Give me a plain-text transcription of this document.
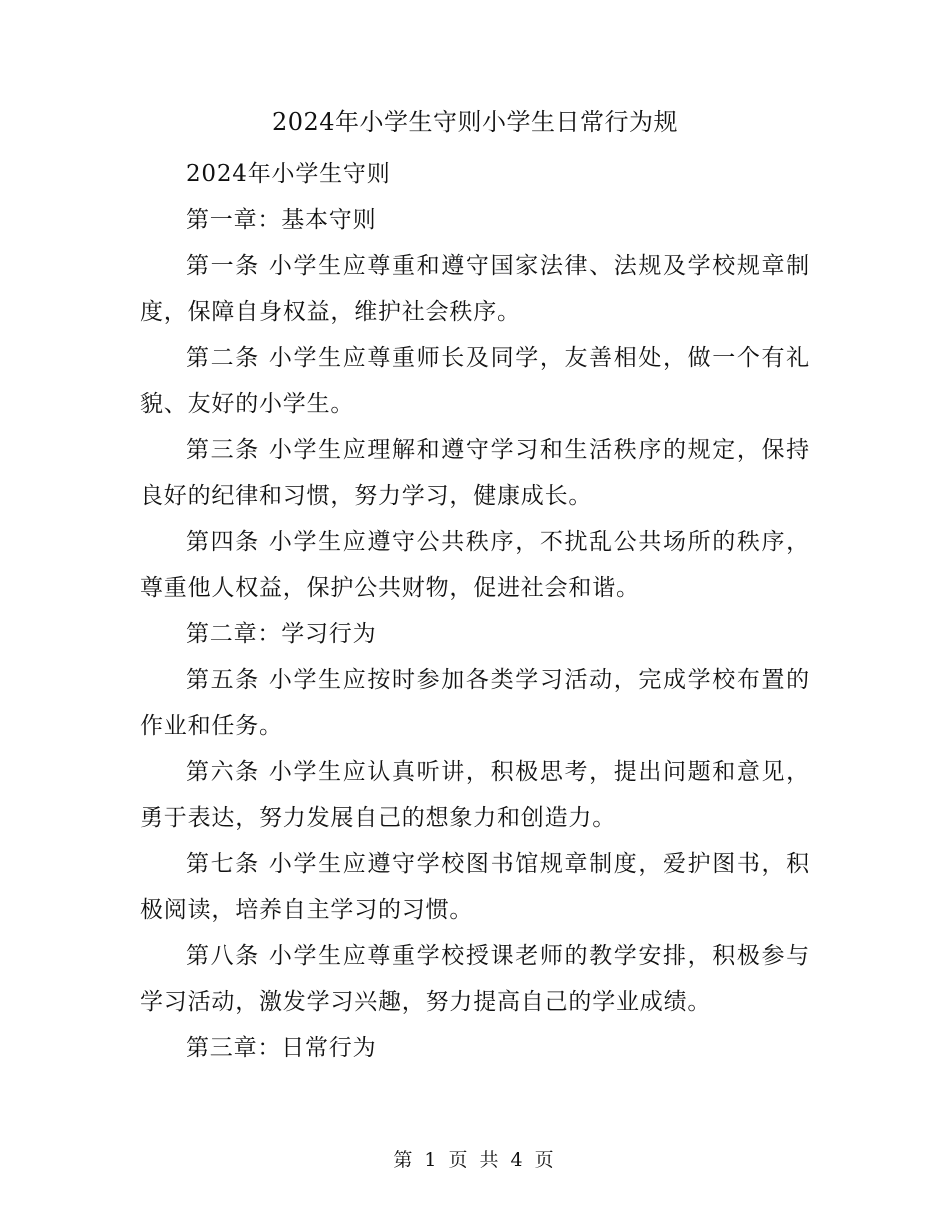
2024年小学生守则小学生日常行为规

2024年小学生守则

第一章：基本守则

第一条 小学生应尊重和遵守国家法律、法规及学校规章制度，保障自身权益，维护社会秩序。

第二条 小学生应尊重师长及同学，友善相处，做一个有礼貌、友好的小学生。

第三条 小学生应理解和遵守学习和生活秩序的规定，保持良好的纪律和习惯，努力学习，健康成长。

第四条 小学生应遵守公共秩序，不扰乱公共场所的秩序，尊重他人权益，保护公共财物，促进社会和谐。

第二章：学习行为

第五条 小学生应按时参加各类学习活动，完成学校布置的作业和任务。

第六条 小学生应认真听讲，积极思考，提出问题和意见，勇于表达，努力发展自己的想象力和创造力。

第七条 小学生应遵守学校图书馆规章制度，爱护图书，积极阅读，培养自主学习的习惯。

第八条 小学生应尊重学校授课老师的教学安排，积极参与学习活动，激发学习兴趣，努力提高自己的学业成绩。

第三章：日常行为

第 1 页 共 4 页
